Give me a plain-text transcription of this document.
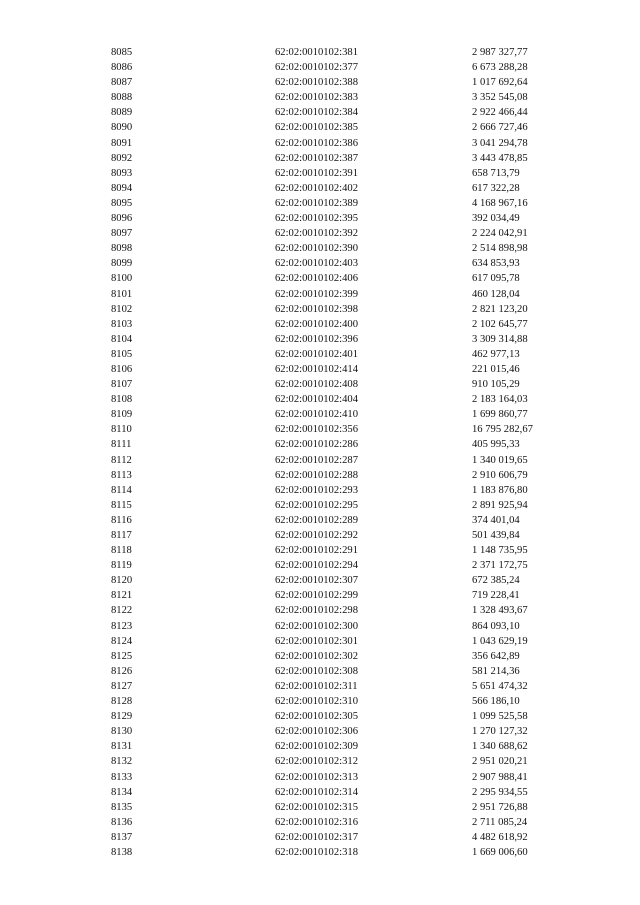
8085	62:02:0010102:381	2 987 327,77
8086	62:02:0010102:377	6 673 288,28
8087	62:02:0010102:388	1 017 692,64
8088	62:02:0010102:383	3 352 545,08
8089	62:02:0010102:384	2 922 466,44
8090	62:02:0010102:385	2 666 727,46
8091	62:02:0010102:386	3 041 294,78
8092	62:02:0010102:387	3 443 478,85
8093	62:02:0010102:391	658 713,79
8094	62:02:0010102:402	617 322,28
8095	62:02:0010102:389	4 168 967,16
8096	62:02:0010102:395	392 034,49
8097	62:02:0010102:392	2 224 042,91
8098	62:02:0010102:390	2 514 898,98
8099	62:02:0010102:403	634 853,93
8100	62:02:0010102:406	617 095,78
8101	62:02:0010102:399	460 128,04
8102	62:02:0010102:398	2 821 123,20
8103	62:02:0010102:400	2 102 645,77
8104	62:02:0010102:396	3 309 314,88
8105	62:02:0010102:401	462 977,13
8106	62:02:0010102:414	221 015,46
8107	62:02:0010102:408	910 105,29
8108	62:02:0010102:404	2 183 164,03
8109	62:02:0010102:410	1 699 860,77
8110	62:02:0010102:356	16 795 282,67
8111	62:02:0010102:286	405 995,33
8112	62:02:0010102:287	1 340 019,65
8113	62:02:0010102:288	2 910 606,79
8114	62:02:0010102:293	1 183 876,80
8115	62:02:0010102:295	2 891 925,94
8116	62:02:0010102:289	374 401,04
8117	62:02:0010102:292	501 439,84
8118	62:02:0010102:291	1 148 735,95
8119	62:02:0010102:294	2 371 172,75
8120	62:02:0010102:307	672 385,24
8121	62:02:0010102:299	719 228,41
8122	62:02:0010102:298	1 328 493,67
8123	62:02:0010102:300	864 093,10
8124	62:02:0010102:301	1 043 629,19
8125	62:02:0010102:302	356 642,89
8126	62:02:0010102:308	581 214,36
8127	62:02:0010102:311	5 651 474,32
8128	62:02:0010102:310	566 186,10
8129	62:02:0010102:305	1 099 525,58
8130	62:02:0010102:306	1 270 127,32
8131	62:02:0010102:309	1 340 688,62
8132	62:02:0010102:312	2 951 020,21
8133	62:02:0010102:313	2 907 988,41
8134	62:02:0010102:314	2 295 934,55
8135	62:02:0010102:315	2 951 726,88
8136	62:02:0010102:316	2 711 085,24
8137	62:02:0010102:317	4 482 618,92
8138	62:02:0010102:318	1 669 006,60
